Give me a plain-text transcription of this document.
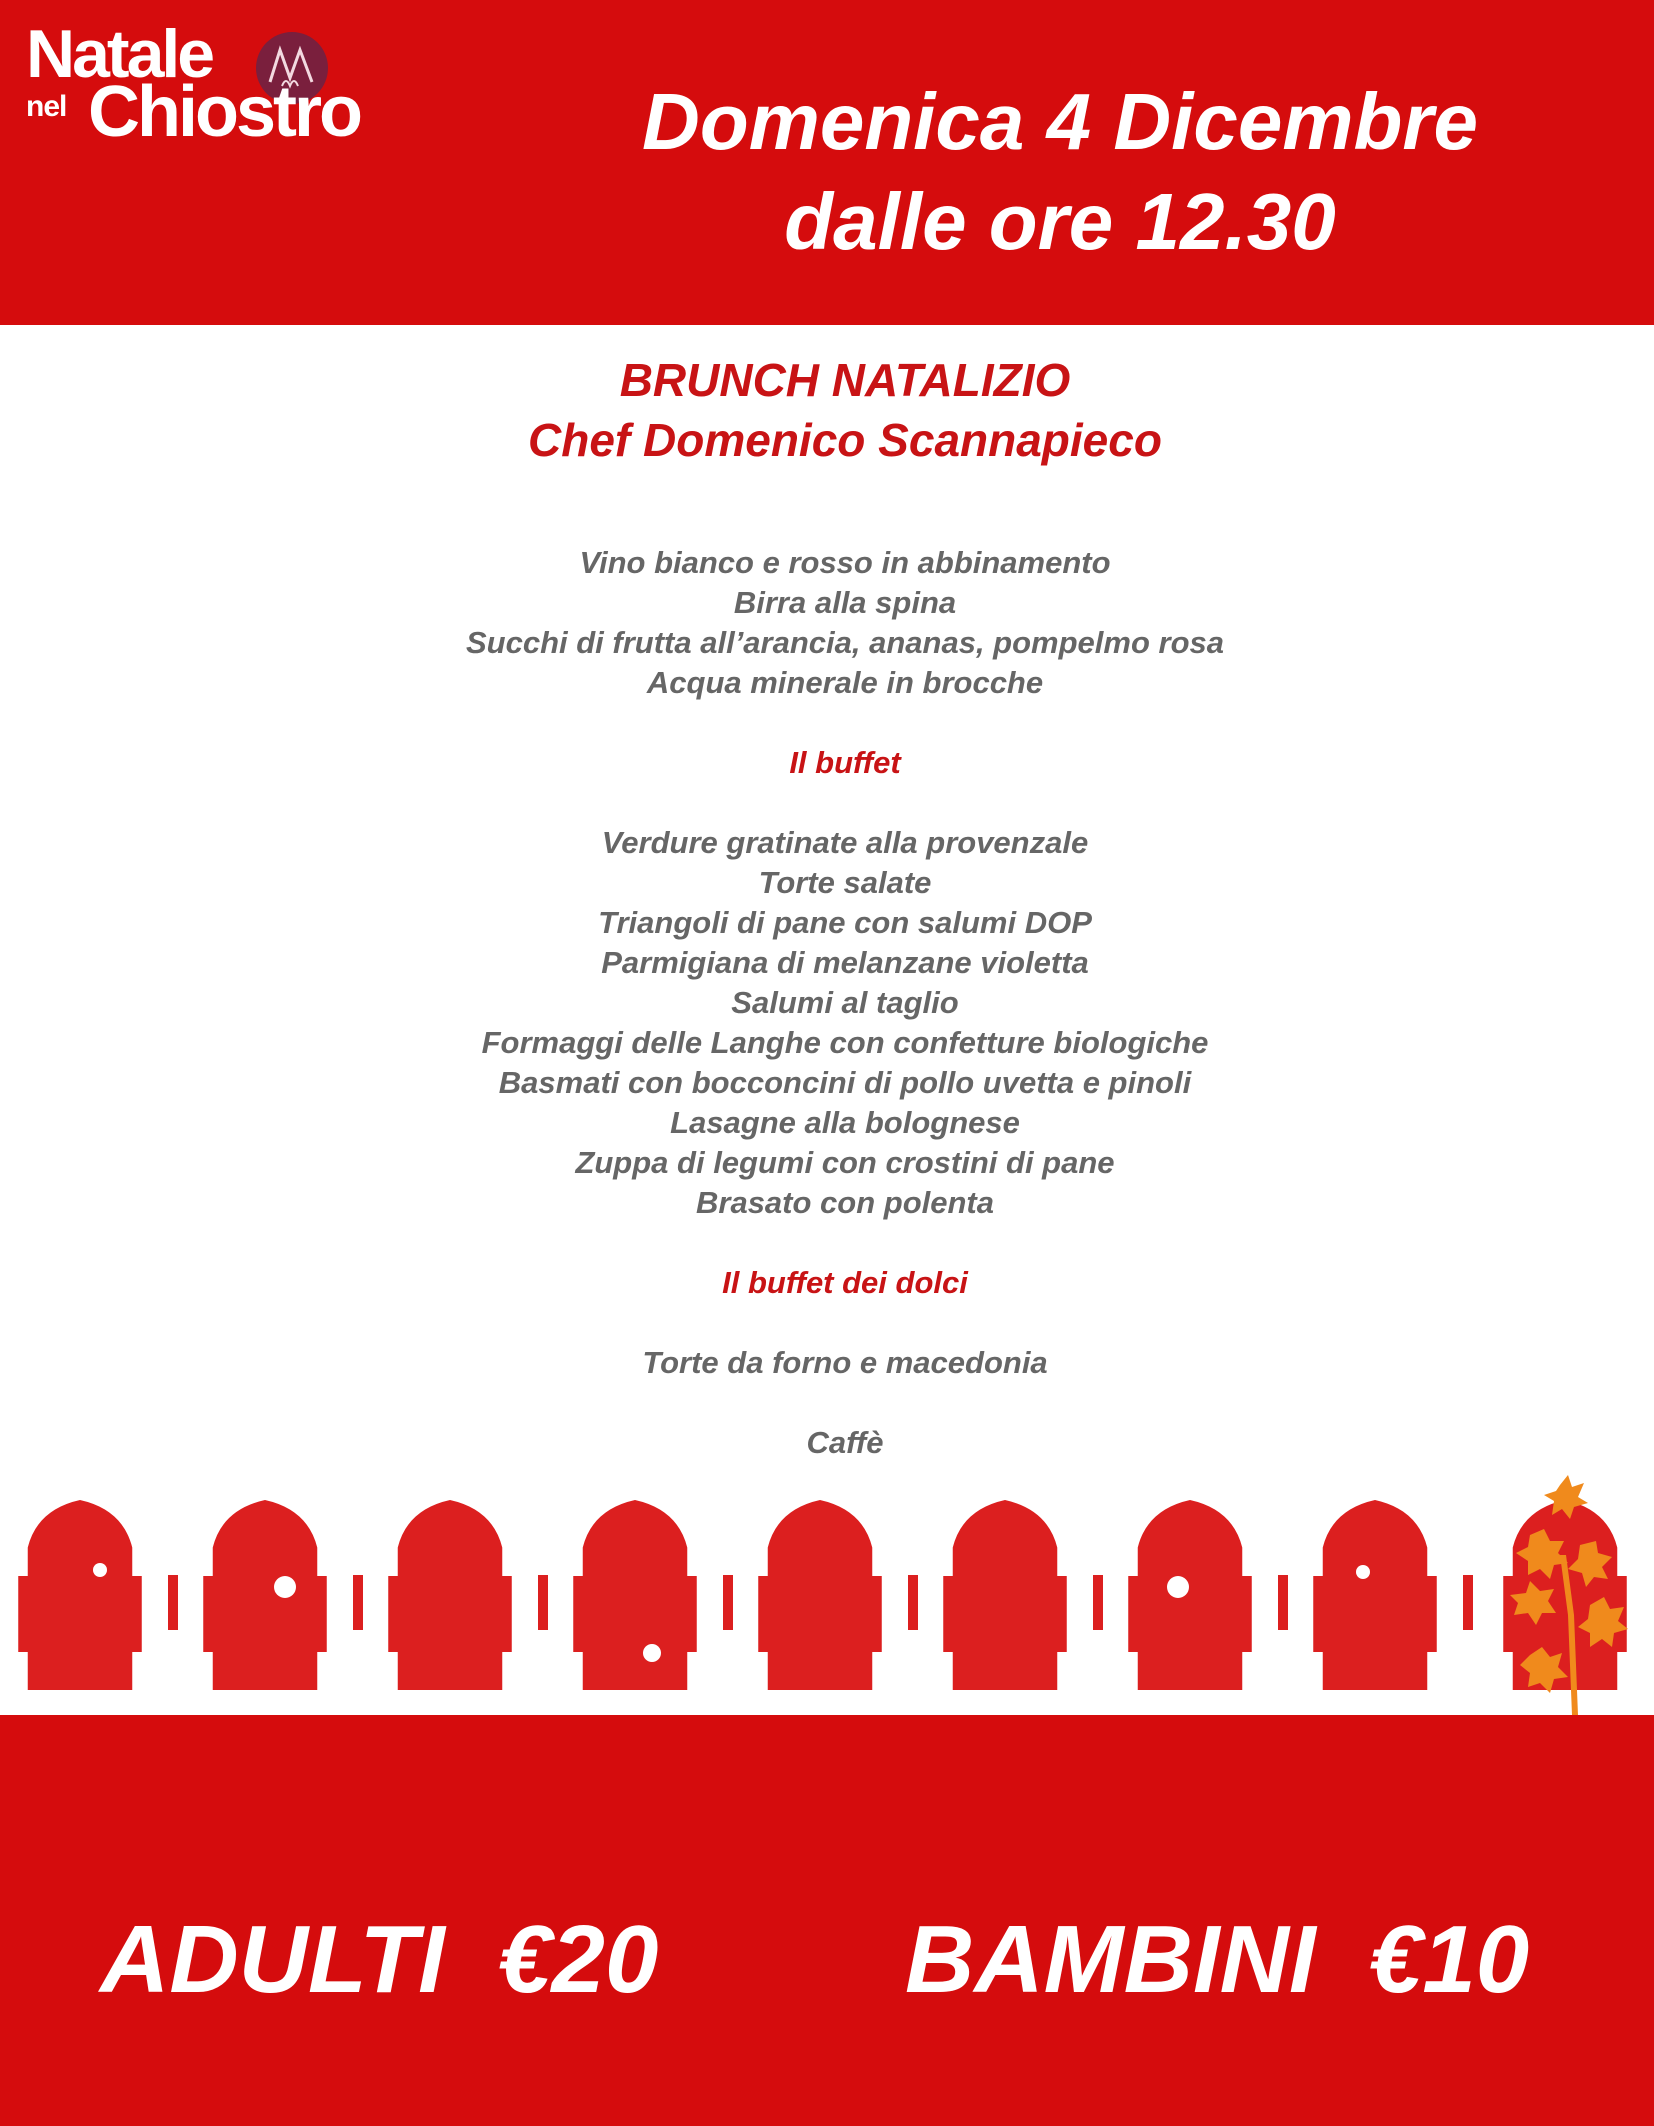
Natale
nel Chiostro	Domenica 4 Dicembre
dalle ore 12.30
BRUNCH NATALIZIO
Chef Domenico Scannapieco
Vino bianco e rosso in abbinamento
Birra alla spina
Succhi di frutta all’arancia, ananas, pompelmo rosa
Acqua minerale in brocche
Il buffet
Verdure gratinate alla provenzale
Torte salate
Triangoli di pane con salumi DOP
Parmigiana di melanzane violetta
Salumi al taglio
Formaggi delle Langhe con confetture biologiche
Basmati con bocconcini di pollo uvetta e pinoli
Lasagne alla bolognese
Zuppa di legumi con crostini di pane
Brasato con polenta
Il buffet dei dolci
Torte da forno e macedonia
Caffè
ADULTI  €20	BAMBINI  €10
